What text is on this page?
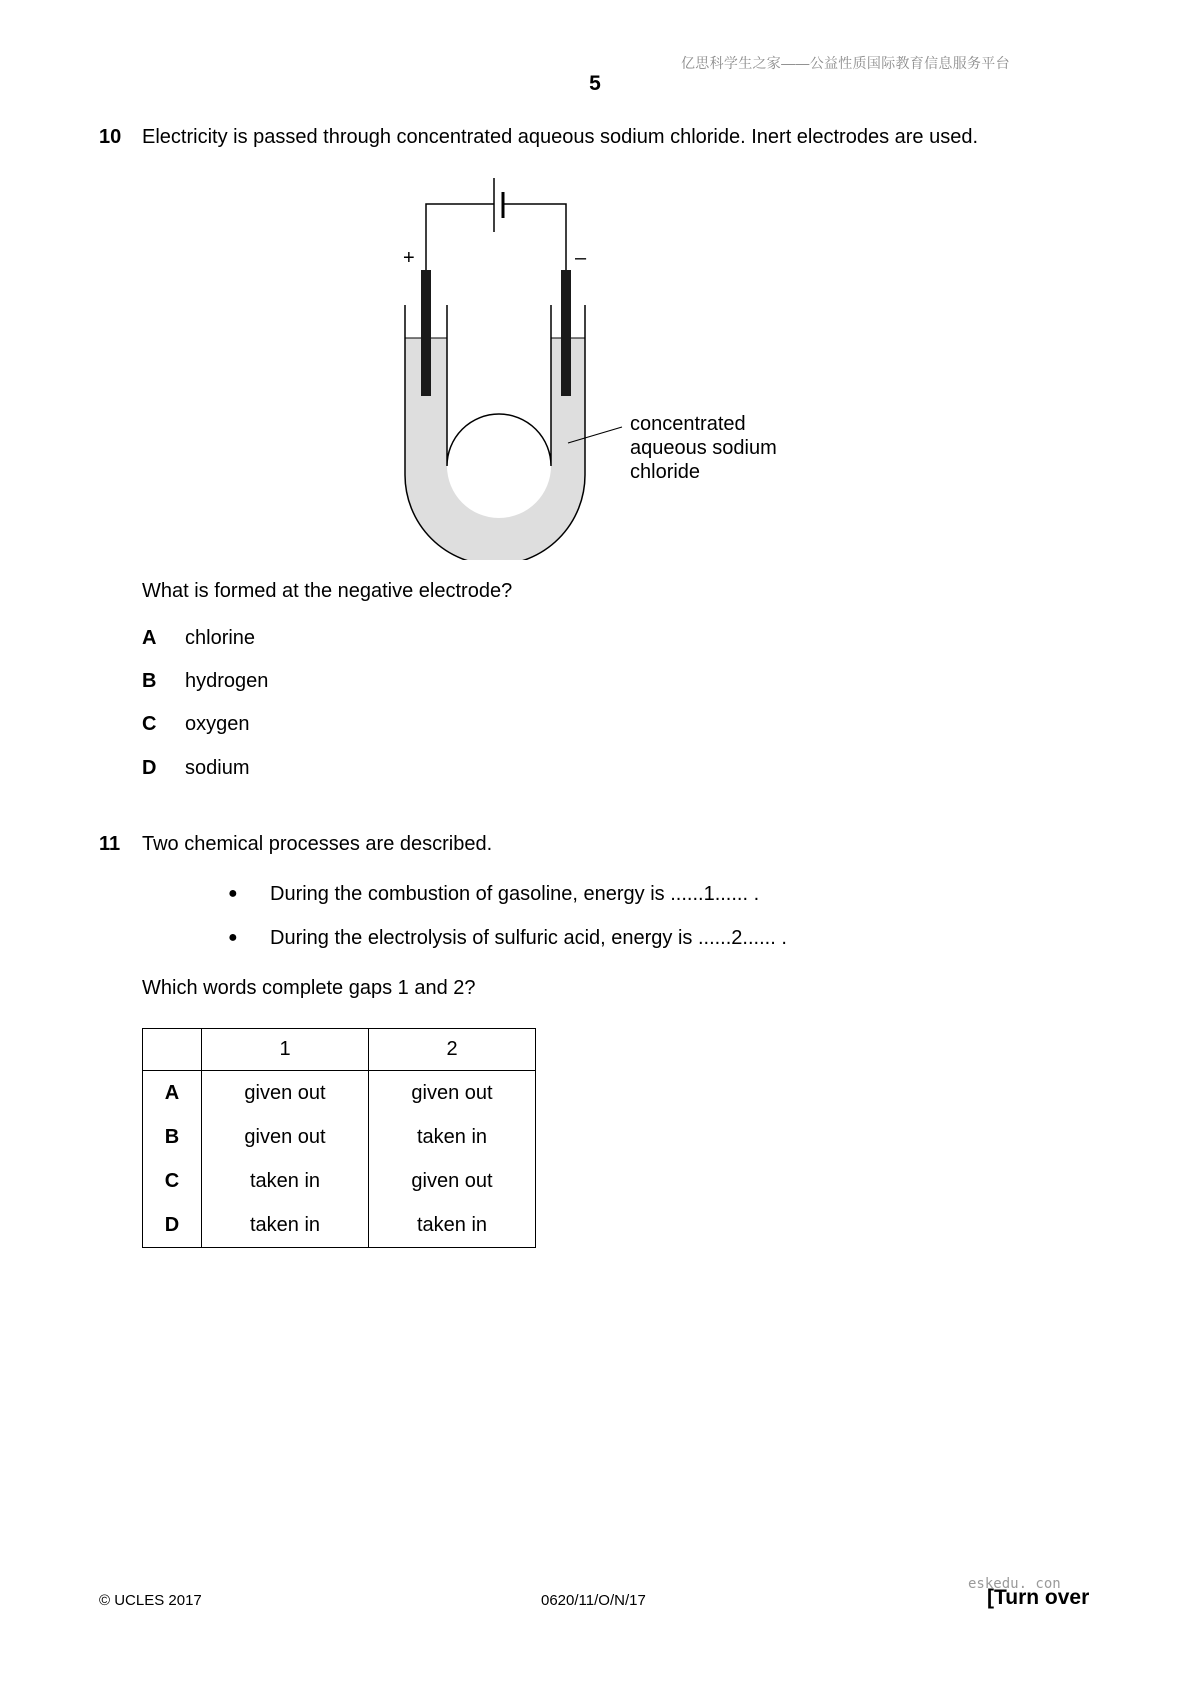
亿思科学生之家——公益性质国际教育信息服务平台
5
10 Electricity is passed through concentrated aqueous sodium chloride. Inert electrodes are used.
+	–
concentrated
aqueous sodium
chloride
What is formed at the negative electrode?
A chlorine
B hydrogen
C oxygen
D sodium
11 Two chemical processes are described.
● During the combustion of gasoline, energy is ......1...... .
● During the electrolysis of sulfuric acid, energy is ......2...... .
Which words complete gaps 1 and 2?
	1	2
A	given out	given out
B	given out	taken in
C	taken in	given out
D	taken in	taken in
eskedu. con
© UCLES 2017	0620/11/O/N/17	[Turn over
